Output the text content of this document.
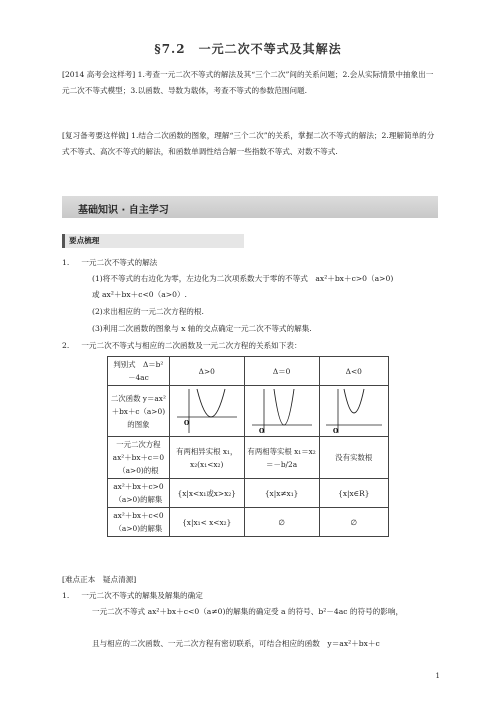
§7.2　一元二次不等式及其解法
[2014 高考会这样考] 1.考查一元二次不等式的解法及其“三个二次”间的关系问题；2.会从实际情景中抽象出一元二次不等式模型；3.以函数、导数为载体，考查不等式的参数范围问题.
[复习备考要这样做] 1.结合二次函数的图象，理解“三个二次”的关系，掌握二次不等式的解法；2.理解简单的分式不等式、高次不等式的解法，和函数单调性结合解一些指数不等式、对数不等式.
基础知识 · 自主学习
要点梳理
1. 一元二次不等式的解法
(1)将不等式的右边化为零，左边化为二次项系数大于零的不等式　ax²＋bx＋c>0（a>0)
或 ax²＋bx＋c<0（a>0）.
(2)求出相应的一元二次方程的根.
(3)利用二次函数的图象与 x 轴的交点确定一元二次不等式的解集.
2. 一元二次不等式与相应的二次函数及一元二次方程的关系如下表：
判别式　Δ＝b²－4ac	Δ>0	Δ＝0	Δ<0
二次函数 y＝ax²＋bx＋c（a>0)的图象	O	O	O

一元二次方程 ax²＋bx＋c＝0（a>0)的根	有两相异实根 x₁，x₂(x₁<x₂)	有两相等实根 x₁＝x₂＝－b/2a	没有实数根
ax²＋bx＋c>0（a>0)的解集	{x|x<x₁或x>x₂}	{x|x≠x₁}	{x|x∈R}
ax²＋bx＋c<0（a>0)的解集	{x|x₁< x<x₂}	∅	∅
[难点正本　疑点清源]
1. 一元二次不等式的解集及解集的确定
一元二次不等式 ax²＋bx＋c<0（a≠0)的解集的确定受 a 的符号、b²－4ac 的符号的影响，
且与相应的二次函数、一元二次方程有密切联系，可结合相应的函数　y＝ax²＋bx＋c
1
